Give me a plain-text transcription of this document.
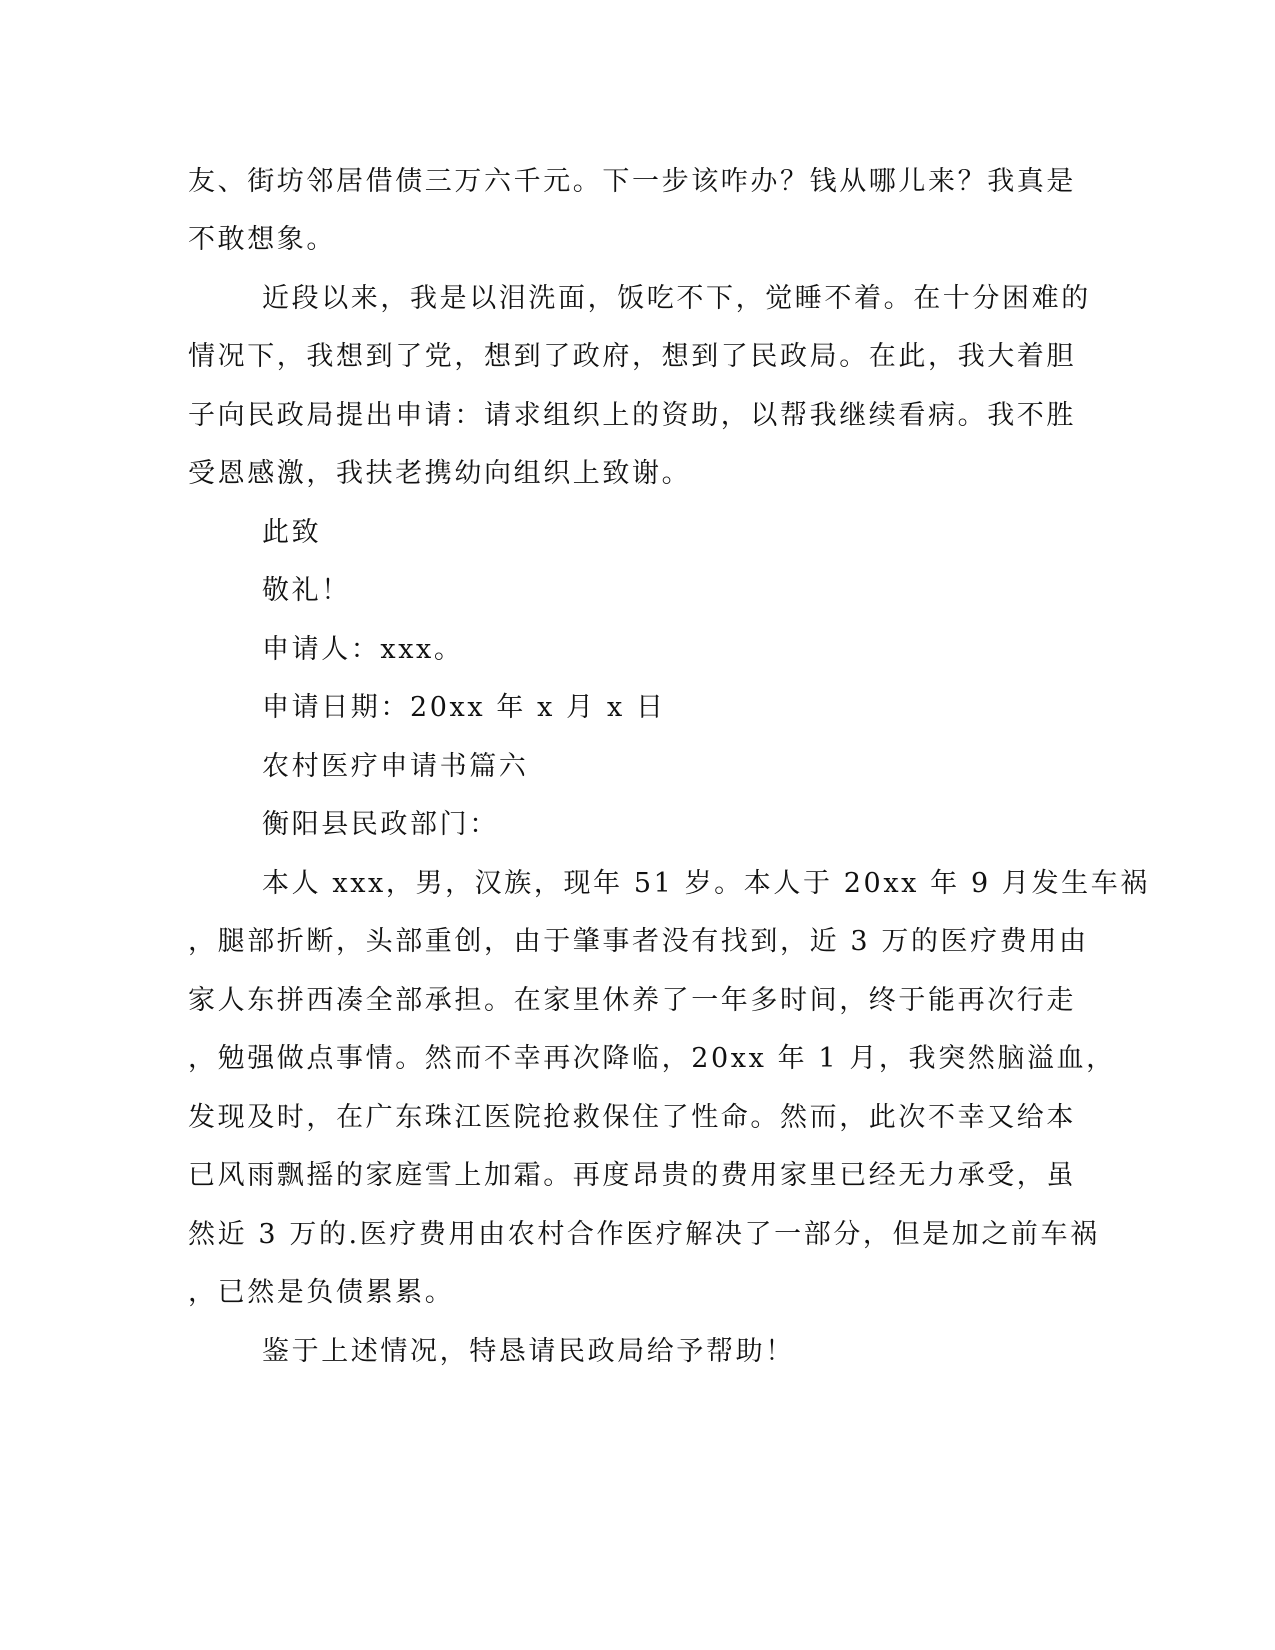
友、街坊邻居借债三万六千元。下一步该咋办？钱从哪儿来？我真是
不敢想象。
近段以来，我是以泪洗面，饭吃不下，觉睡不着。在十分困难的
情况下，我想到了党，想到了政府，想到了民政局。在此，我大着胆
子向民政局提出申请：请求组织上的资助，以帮我继续看病。我不胜
受恩感激，我扶老携幼向组织上致谢。
此致
敬礼！
申请人：xxx。
申请日期：20xx 年 x 月 x 日
农村医疗申请书篇六
衡阳县民政部门：
本人 xxx，男，汉族，现年 51 岁。本人于 20xx 年 9 月发生车祸
，腿部折断，头部重创，由于肇事者没有找到，近 3 万的医疗费用由
家人东拼西凑全部承担。在家里休养了一年多时间，终于能再次行走
，勉强做点事情。然而不幸再次降临，20xx 年 1 月，我突然脑溢血，
发现及时，在广东珠江医院抢救保住了性命。然而，此次不幸又给本
已风雨飘摇的家庭雪上加霜。再度昂贵的费用家里已经无力承受，虽
然近 3 万的.医疗费用由农村合作医疗解决了一部分，但是加之前车祸
，已然是负债累累。
鉴于上述情况，特恳请民政局给予帮助！
